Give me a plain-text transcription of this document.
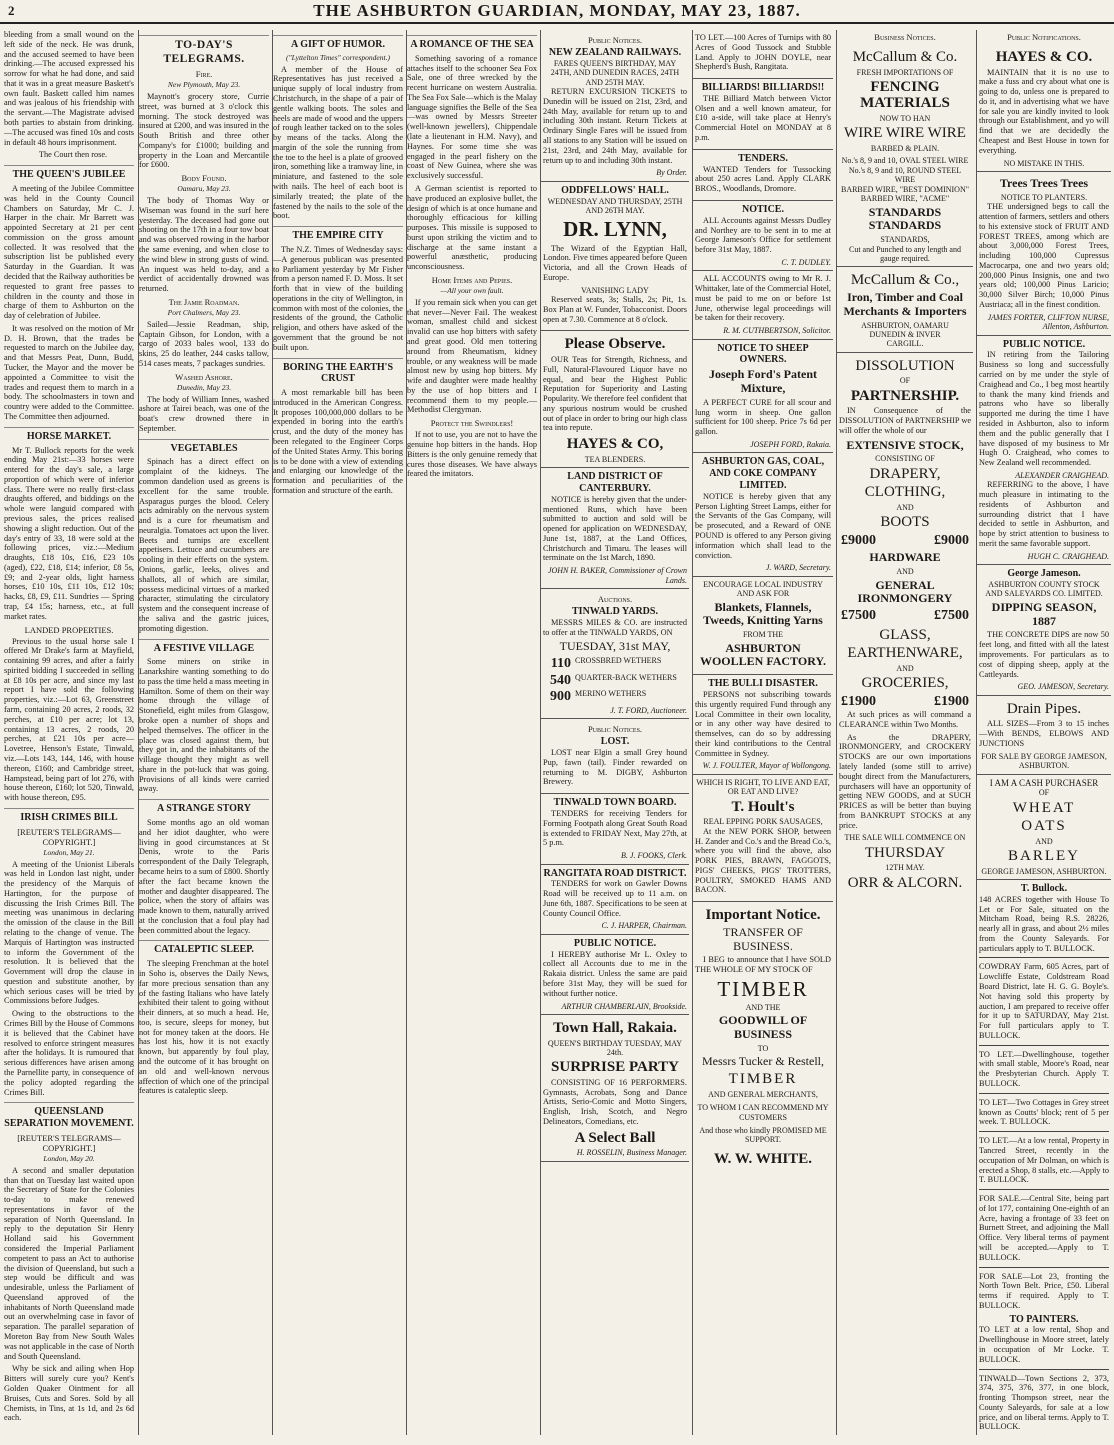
2	THE ASHBURTON GUARDIAN, MONDAY, MAY 23, 1887.

bleeding from a small wound on the left side of the neck. He was drunk, and the accused seemed to have been drinking.—The accused expressed his sorrow for what he had done, and said that it was in a great measure Baskett's own fault. Baskett called him names and was jealous of his friendship with the servant.—The Magistrate advised both parties to abstain from drinking.—The accused was fined 10s and costs in default 48 hours imprisonment.

The Court then rose.

THE QUEEN'S JUBILEE

A meeting of the Jubilee Committee was held in the County Council Chambers on Saturday, Mr C. J. Harper in the chair. Mr Barrett was appointed Secretary at 21 per cent commission on the gross amount collected. It was resolved that the subscription list be published every Saturday in the Guardian. It was decided that the Railway authorities be requested to grant free passes to children in the county and those in charge of them to Ashburton on the day of celebration of Jubilee.

It was resolved on the motion of Mr D. H. Brown, that the trades be requested to march on the Jubilee day, and that Messrs Peat, Dunn, Budd, Tucker, the Mayor and the mover be appointed a Committee to visit the trades and request them to march in a body. The schoolmasters in town and country were added to the Committee. The Committee then adjourned.

HORSE MARKET.

Mr T. Bullock reports for the week ending May 21st:—33 horses were entered for the day's sale, a large proportion of which were of inferior class. There were no really first-class draughts offered, and biddings on the whole were languid compared with previous sales, the prices realised showing a slight reduction. Out of the day's entry of 33, 18 were sold at the following prices, viz.:—Medium draughts, £18 10s, £16, £23 10s (aged), £22, £18, £14; inferior, £8 5s, £9; and 2-year olds, light harness horses, £10 10s, £11 10s, £12 10s; hacks, £8, £9, £11. Sundries — Spring trap, £4 15s; harness, etc., at full market rates.

LANDED PROPERTIES.

Previous to the usual horse sale I offered Mr Drake's farm at Mayfield, containing 99 acres, and after a fairly spirited bidding I succeeded in selling at £8 10s per acre, and since my last report I have sold the following properties, viz.:—Lot 63, Greenstreet farm, containing 20 acres, 2 roods, 32 perches, at £10 per acre; lot 13, containing 13 acres, 2 roods, 20 perches, at £21 10s per acre—Lovetree, Henson's Estate, Tinwald, viz.—Lots 143, 144, 146, with house thereon, £160; and Cambridge street, Hampstead, being part of lot 276, with house thereon, £160; lot 520, Tinwald, with house thereon, £95.

IRISH CRIMES BILL
[REUTER'S TELEGRAMS—COPYRIGHT.]
London, May 21.

A meeting of the Unionist Liberals was held in London last night, under the presidency of the Marquis of Hartington, for the purpose of discussing the Irish Crimes Bill. The meeting was unanimous in declaring the omission of the clause in the Bill relating to the change of venue. The Marquis of Hartington was instructed to inform the Government of the resolution. It is believed that the Government will drop the clause in question and substitute another, by which serious cases will be tried by Commissions before Judges.

Owing to the obstructions to the Crimes Bill by the House of Commons it is believed that the Cabinet have resolved to enforce stringent measures after the holidays. It is rumoured that serious differences have arisen among the Parnellite party, in consequence of the policy adopted regarding the Crimes Bill.

QUEENSLAND SEPARATION MOVEMENT.
[REUTER'S TELEGRAMS—COPYRIGHT.]
London, May 20.

A second and smaller deputation than that on Tuesday last waited upon the Secretary of State for the Colonies to-day to make renewed representations in favor of the separation of North Queensland. In reply to the deputation Sir Henry Holland said his Government considered the Imperial Parliament competent to pass an Act to authorise the division of Queensland, but such a step would be difficult and was undesirable, unless the Parliament of Queensland approved of the inhabitants of North Queensland made out an overwhelming case in favor of separation. The parallel separation of Moreton Bay from New South Wales was not applicable in the case of North and South Queensland.

Why be sick and ailing when Hop Bitters will surely cure you? Kent's Golden Quaker Ointment for all Bruises, Cuts and Sores. Sold by all Chemists, in Tins, at 1s 1d, and 2s 6d each.

TO-DAY'S TELEGRAMS.
Fire.
New Plymouth, May 23.

Maynott's grocery store, Currie street, was burned at 3 o'clock this morning. The stock destroyed was insured at £200, and was insured in the South British and three other Company's for £1000; building and property in the Loan and Mercantile for £600.

Body Found.
Oamaru, May 23.

The body of Thomas Way or Wiseman was found in the surf here yesterday. The deceased had gone out shooting on the 17th in a four tow boat and was observed rowing in the harbor the same evening, and when close to the wind blew in strong gusts of wind. An inquest was held to-day, and a verdict of accidentally drowned was returned.

The Jamie Roadman.
Port Chalmers, May 23.

Sailed—Jessie Readman, ship, Captain Gibson, for London, with a cargo of 2033 bales wool, 133 do skins, 25 do leather, 244 casks tallow, 514 cases meats, 7 packages sundries.

Washed Ashore.
Dunedin, May 23.

The body of William Innes, washed ashore at Tairei beach, was one of the boat's crew drowned there in September.

VEGETABLES

Spinach has a direct effect on complaint of the kidneys. The common dandelion used as greens is excellent for the same trouble. Asparagus purges the blood. Celery acts admirably on the nervous system and is a cure for rheumatism and neuralgia. Tomatoes act upon the liver. Beets and turnips are excellent appetisers. Lettuce and cucumbers are cooling in their effects on the system. Onions, garlic, leeks, olives and shallots, all of which are similar, possess medicinal virtues of a marked character, stimulating the circulatory system and the consequent increase of the saliva and the gastric juices, promoting digestion.

A FESTIVE VILLAGE

Some miners on strike in Lanarkshire wanting something to do to pass the time held a mass meeting in Hamilton. Some of them on their way home through the village of Stonefield, eight miles from Glasgow, broke open a number of shops and helped themselves. The officer in the place was closed against them, but they got in, and the inhabitants of the village thought they might as well share in the pot-luck that was going. Provisions of all kinds were carried away.

A STRANGE STORY

Some months ago an old woman and her idiot daughter, who were living in good circumstances at St Denis, wrote to the Paris correspondent of the Daily Telegraph, became heirs to a sum of £800. Shortly after the fact became known the mother and daughter disappeared. The police, when the story of affairs was made known to them, naturally arrived at the conclusion that a foul play had been committed about the legacy.

CATALEPTIC SLEEP.

The sleeping Frenchman at the hotel in Soho is, observes the Daily News, far more precious sensation than any of the fasting Italians who have lately exhibited their talent to going without their dinners, at so much a head. He, too, is secure, sleeps for money, but not for money taken at the doors. He has lost his, how it is not exactly known, but apparently by foul play, and the outcome of it has brought on an old and well-known nervous affection of which one of the principal features is cataleptic sleep.

A GIFT OF HUMOR.
("Lyttelton Times" correspondent.)

A member of the House of Representatives has just received a unique supply of local industry from Christchurch, in the shape of a pair of gentle walking boots. The soles and heels are made of wood and the uppers of rough leather tacked on to the soles by means of the tacks. Along the margin of the sole the running from the toe to the heel is a plate of grooved iron, something like a tramway line, in miniature, and fastened to the sole with nails. The heel of each boot is similarly treated; the plate of the fastened by the nails to the sole of the boot.

THE EMPIRE CITY

The N.Z. Times of Wednesday says:—A generous publican was presented to Parliament yesterday by Mr Fisher from a person named F. D. Moss. It set forth that in view of the building operations in the city of Wellington, in common with most of the colonies, the residents of the ground, the Catholic religion, and others have asked of the government that the ground be not built upon.

BORING THE EARTH'S CRUST

A most remarkable bill has been introduced in the American Congress. It proposes 100,000,000 dollars to be expended in boring into the earth's crust, and the duty of the money has been relegated to the Engineer Corps of the United States Army. This boring is to be done with a view of extending and enlarging our knowledge of the formation and peculiarities of the formation and structure of the earth.

A ROMANCE OF THE SEA

Something savoring of a romance attaches itself to the schooner Sea Fox Sale, one of three wrecked by the recent hurricane on western Australia. The Sea Fox Sale—which is the Malay language signifies the Belle of the Sea—was owned by Messrs Streeter (well-known jewellers), Chippendale (late a lieutenant in H.M. Navy), and Haynes. For some time she was engaged in the pearl fishery on the coast of New Guinea, where she was exclusively successful.

A German scientist is reported to have produced an explosive bullet, the design of which is at once humane and thoroughly efficacious for killing purposes. This missile is supposed to burst upon striking the victim and to discharge at the same instant a powerful anæsthetic, producing unconsciousness.

Home Items and Pepies.
—All your own fault.

If you remain sick when you can get that never—Never Fail. The weakest woman, smallest child and sickest invalid can use hop bitters with safety and great good. Old men tottering around from Rheumatism, kidney trouble, or any weakness will be made almost new by using hop bitters. My wife and daughter were made healthy by the use of hop bitters and I recommend them to my people.—Methodist Clergyman.

Protect the Swindlers!

If not to use, you are not to have the genuine hop bitters in the hands. Hop Bitters is the only genuine remedy that cures those diseases. We have always feared the imitators.

Public Notices.
NEW ZEALAND RAILWAYS.
FARES QUEEN'S BIRTHDAY, MAY 24TH, AND DUNEDIN RACES, 24TH AND 25TH MAY.

RETURN EXCURSION TICKETS to Dunedin will be issued on 21st, 23rd, and 24th May, available for return up to and including 30th instant. Return Tickets at Ordinary Single Fares will be issued from all stations to any Station will be issued on 21st, 23rd, and 24th May, available for return up to and including 30th instant.

By Order.
ODDFELLOWS' HALL.
WEDNESDAY AND THURSDAY, 25TH AND 26TH MAY.
DR. LYNN,

The Wizard of the Egyptian Hall, London. Five times appeared before Queen Victoria, and all the Crown Heads of Europe.

VANISHING LADY

Reserved seats, 3s; Stalls, 2s; Pit, 1s. Box Plan at W. Funder, Tobacconist. Doors open at 7.30. Commence at 8 o'clock.

Please Observe.

OUR Teas for Strength, Richness, and Full, Natural-Flavoured Liquor have no equal, and bear the Highest Public Reputation for Superiority and Lasting Popularity. We therefore feel confident that any spurious nostrum would be crushed out of place in order to bring our high class tea into repute.

HAYES & CO,
TEA BLENDERS.
LAND DISTRICT OF CANTERBURY.

NOTICE is hereby given that the under-mentioned Runs, which have been submitted to auction and sold will be opened for application on WEDNESDAY, June 1st, 1887, at the Land Offices, Christchurch and Timaru. The leases will terminate on the 1st March, 1890.

JOHN H. BAKER, Commissioner of Crown Lands.
Auctions.
TINWALD YARDS.

MESSRS MILES & CO. are instructed to offer at the TINWALD YARDS, ON

TUESDAY, 31st MAY,
110 CROSSBRED WETHERS
540 QUARTER-BACK WETHERS
900 MERINO WETHERS
J. T. FORD, Auctioneer.
Public Notices.
LOST.

LOST near Elgin a small Grey hound Pup, fawn (tail). Finder rewarded on returning to M. DIGBY, Ashburton Brewery.

TINWALD TOWN BOARD.

TENDERS for receiving Tenders for Forming Footpath along Great South Road is extended to FRIDAY Next, May 27th, at 5 p.m.

B. J. FOOKS, Clerk.
RANGITATA ROAD DISTRICT.

TENDERS for work on Gawler Downs Road will be received up to 11 a.m. on June 6th, 1887. Specifications to be seen at County Council Office.

C. J. HARPER, Chairman.
PUBLIC NOTICE.

I HEREBY authorise Mr L. Oxley to collect all Accounts due to me in the Rakaia district. Unless the same are paid before 31st May, they will be sued for without further notice.

ARTHUR CHAMBERLAIN, Brookside.
Town Hall, Rakaia.
QUEEN'S BIRTHDAY TUESDAY, MAY 24th.
SURPRISE PARTY

CONSISTING OF 16 PERFORMERS. Gymnasts, Acrobats, Song and Dance Artists, Serio-Comic and Motto Singers, English, Irish, Scotch, and Negro Delineators, Comedians, etc.

A Select Ball
H. ROSSELIN, Business Manager.

TO LET.—100 Acres of Turnips with 80 Acres of Good Tussock and Stubble Land. Apply to JOHN DOYLE, near Shepherd's Bush, Rangitata.

BILLIARDS! BILLIARDS!!

THE Billiard Match between Victor Olsen and a well known amateur, for £10 a-side, will take place at Henry's Commercial Hotel on MONDAY at 8 p.m.

TENDERS.

WANTED Tenders for Tussocking about 250 acres Land. Apply CLARK BROS., Woodlands, Dromore.

NOTICE.

ALL Accounts against Messrs Dudley and Northey are to be sent in to me at George Jameson's Office for settlement before 31st May, 1887.

C. T. DUDLEY.

ALL ACCOUNTS owing to Mr R. J. Whittaker, late of the Commercial Hotel, must be paid to me on or before 1st June, otherwise legal proceedings will be taken for their recovery.

R. M. CUTHBERTSON, Solicitor.
NOTICE TO SHEEP OWNERS.
Joseph Ford's Patent Mixture,

A PERFECT CURE for all scour and lung worm in sheep. One gallon sufficient for 100 sheep. Price 7s 6d per gallon.

JOSEPH FORD, Rakaia.
ASHBURTON GAS, COAL, AND COKE COMPANY LIMITED.

NOTICE is hereby given that any Person Lighting Street Lamps, either for the Servants of the Gas Company, will be prosecuted, and a Reward of ONE POUND is offered to any Person giving information which shall lead to the conviction.

J. WARD, Secretary.
ENCOURAGE LOCAL INDUSTRY
AND ASK FOR
Blankets, Flannels, Tweeds, Knitting Yarns
FROM THE
ASHBURTON WOOLLEN FACTORY.
THE BULLI DISASTER.

PERSONS not subscribing towards this urgently required Fund through any Local Committee in their own locality, or in any other way have desired to themselves, can do so by addressing their kind contributions to the Central Committee in Sydney.

W. J. FOULTER, Mayor of Wollongong.
WHICH IS RIGHT, TO LIVE AND EAT, OR EAT AND LIVE?
T. Hoult's
REAL EPPING PORK SAUSAGES,

At the NEW PORK SHOP, between H. Zander and Co.'s and the Bread Co.'s, where you will find the above, also PORK PIES, BRAWN, FAGGOTS, PIGS' CHEEKS, PIGS' TROTTERS, POULTRY, SMOKED HAMS AND BACON.

Important Notice.
TRANSFER OF BUSINESS.

I BEG to announce that I have SOLD THE WHOLE OF MY STOCK OF

TIMBER
AND THE
GOODWILL OF BUSINESS
TO
Messrs Tucker & Restell,
TIMBER
AND GENERAL MERCHANTS,
TO WHOM I CAN RECOMMEND MY CUSTOMERS
And those who kindly PROMISED ME SUPPORT.
W. W. WHITE.
Business Notices.
McCallum & Co.
FRESH IMPORTATIONS OF
FENCING MATERIALS
NOW TO HAN
WIRE WIRE WIRE
BARBED & PLAIN.
No.'s 8, 9 and 10, OVAL STEEL WIRE
No.'s 8, 9 and 10, ROUND STEEL WIRE
BARBED WIRE, "BEST DOMINION"
BARBED WIRE, "ACME"
STANDARDS STANDARDS
STANDARDS,
Cut and Punched to any length and gauge required.
McCallum & Co.,
Iron, Timber and Coal Merchants & Importers
ASHBURTON, OAMARU
DUNEDIN & INVER
CARGILL.
DISSOLUTION
OF
PARTNERSHIP.

IN Consequence of the DISSOLUTION of PARTNERSHIP we will offer the whole of our

EXTENSIVE STOCK,
CONSISTING OF
DRAPERY,
CLOTHING,
AND
BOOTS
£9000	£9000
HARDWARE
AND
GENERAL IRONMONGERY
£7500	£7500
GLASS,
EARTHENWARE,
AND
GROCERIES,
£1900	£1900

At such prices as will command a CLEARANCE within Two Months.

As the DRAPERY, IRONMONGERY, and CROCKERY STOCKS are our own importations lately landed (some still to arrive) bought direct from the Manufacturers, purchasers will have an opportunity of getting NEW GOODS, and at SUCH PRICES as will be better than buying from BANKRUPT STOCKS at any price.

THE SALE WILL COMMENCE ON
THURSDAY
12TH MAY.
ORR & ALCORN.
Public Notifications.
HAYES & CO.

MAINTAIN that it is no use to make a fuss and cry about what one is going to do, unless one is prepared to do it, and in advertising what we have for sale you are kindly invited to look through our Establishment, and yo will find that we are decidedly the Cheapest and Best House in town for everything.

NO MISTAKE IN THIS.
Trees Trees Trees
NOTICE TO PLANTERS.

THE undersigned begs to call the attention of farmers, settlers and others to his extensive stock of FRUIT AND FOREST TREES, among which are about 3,000,000 Forest Trees, including 100,000 Cupressus Macrocarpa, one and two years old; 200,000 Pinus Insignis, one and two years old; 100,000 Pinus Laricio; 30,000 Silver Birch; 10,000 Pinus Austriaca; all in the finest condition.

JAMES FORTER, CLIFTON NURSE, Allenton, Ashburton.
PUBLIC NOTICE.

IN retiring from the Tailoring Business so long and successfully carried on by me under the style of Craighead and Co., I beg most heartily to thank the many kind friends and patrons who have so liberally supported me during the time I have resided in Ashburton, also to inform them and the public generally that I have disposed of my business to Mr Hugh O. Craighead, who comes to New Zealand well recommended.

ALEXANDER CRAIGHEAD.

REFERRING to the above, I have much pleasure in intimating to the residents of Ashburton and surrounding district that I have decided to settle in Ashburton, and hope by strict attention to business to merit the same favorable support.

HUGH C. CRAIGHEAD.
George Jameson.
ASHBURTON COUNTY STOCK AND SALEYARDS CO. LIMITED.
DIPPING SEASON, 1887

THE CONCRETE DIPS are now 50 feet long, and fitted with all the latest improvements. For particulars as to cost of dipping sheep, apply at the Cattleyards.

GEO. JAMESON, Secretary.
Drain Pipes.

ALL SIZES—From 3 to 15 inches—With BENDS, ELBOWS AND JUNCTIONS

FOR SALE BY GEORGE JAMESON, ASHBURTON.
I AM A CASH PURCHASER
OF
WHEAT
OATS
AND
BARLEY
GEORGE JAMESON, ASHBURTON.
T. Bullock.

148 ACRES together with House To Let or For Sale, situated on the Mitcham Road, being R.S. 28226, nearly all in grass, and about 2½ miles from the County Saleyards. For particulars apply to T. BULLOCK.

COWDRAY Farm, 605 Acres, part of Lowcliffe Estate, Coldstream Road Board District, late H. G. G. Boyle's. Not having sold this property by auction, I am prepared to receive offer for it up to SATURDAY, May 21st. For full particulars apply to T. BULLOCK.

TO LET.—Dwellinghouse, together with small stable, Moore's Road, near the Presbyterian Church. Apply T. BULLOCK.

TO LET—Two Cottages in Grey street known as Coutts' block; rent of 5 per week. T. BULLOCK.

TO LET.—At a low rental, Property in Tancred Street, recently in the occupation of Mr Dolman, on which is erected a Shop, 8 stalls, etc.—Apply to T. BULLOCK.

FOR SALE.—Central Site, being part of lot 177, containing One-eighth of an Acre, having a frontage of 33 feet on Burnett Street, and adjoining the Mall Office. Very liberal terms of payment will be accepted.—Apply to T. BULLOCK.

FOR SALE—Lot 23, fronting the North Town Belt. Price, £50. Liberal terms if required. Apply to T. BULLOCK.

TO PAINTERS.

TO LET at a low rental, Shop and Dwellinghouse in Moore street, lately in occupation of Mr Locke. T. BULLOCK.

TINWALD—Town Sections 2, 373, 374, 375, 376, 377, in one block, fronting Thompson street, near the County Saleyards, for sale at a low price, and on liberal terms. Apply to T. BULLOCK.
